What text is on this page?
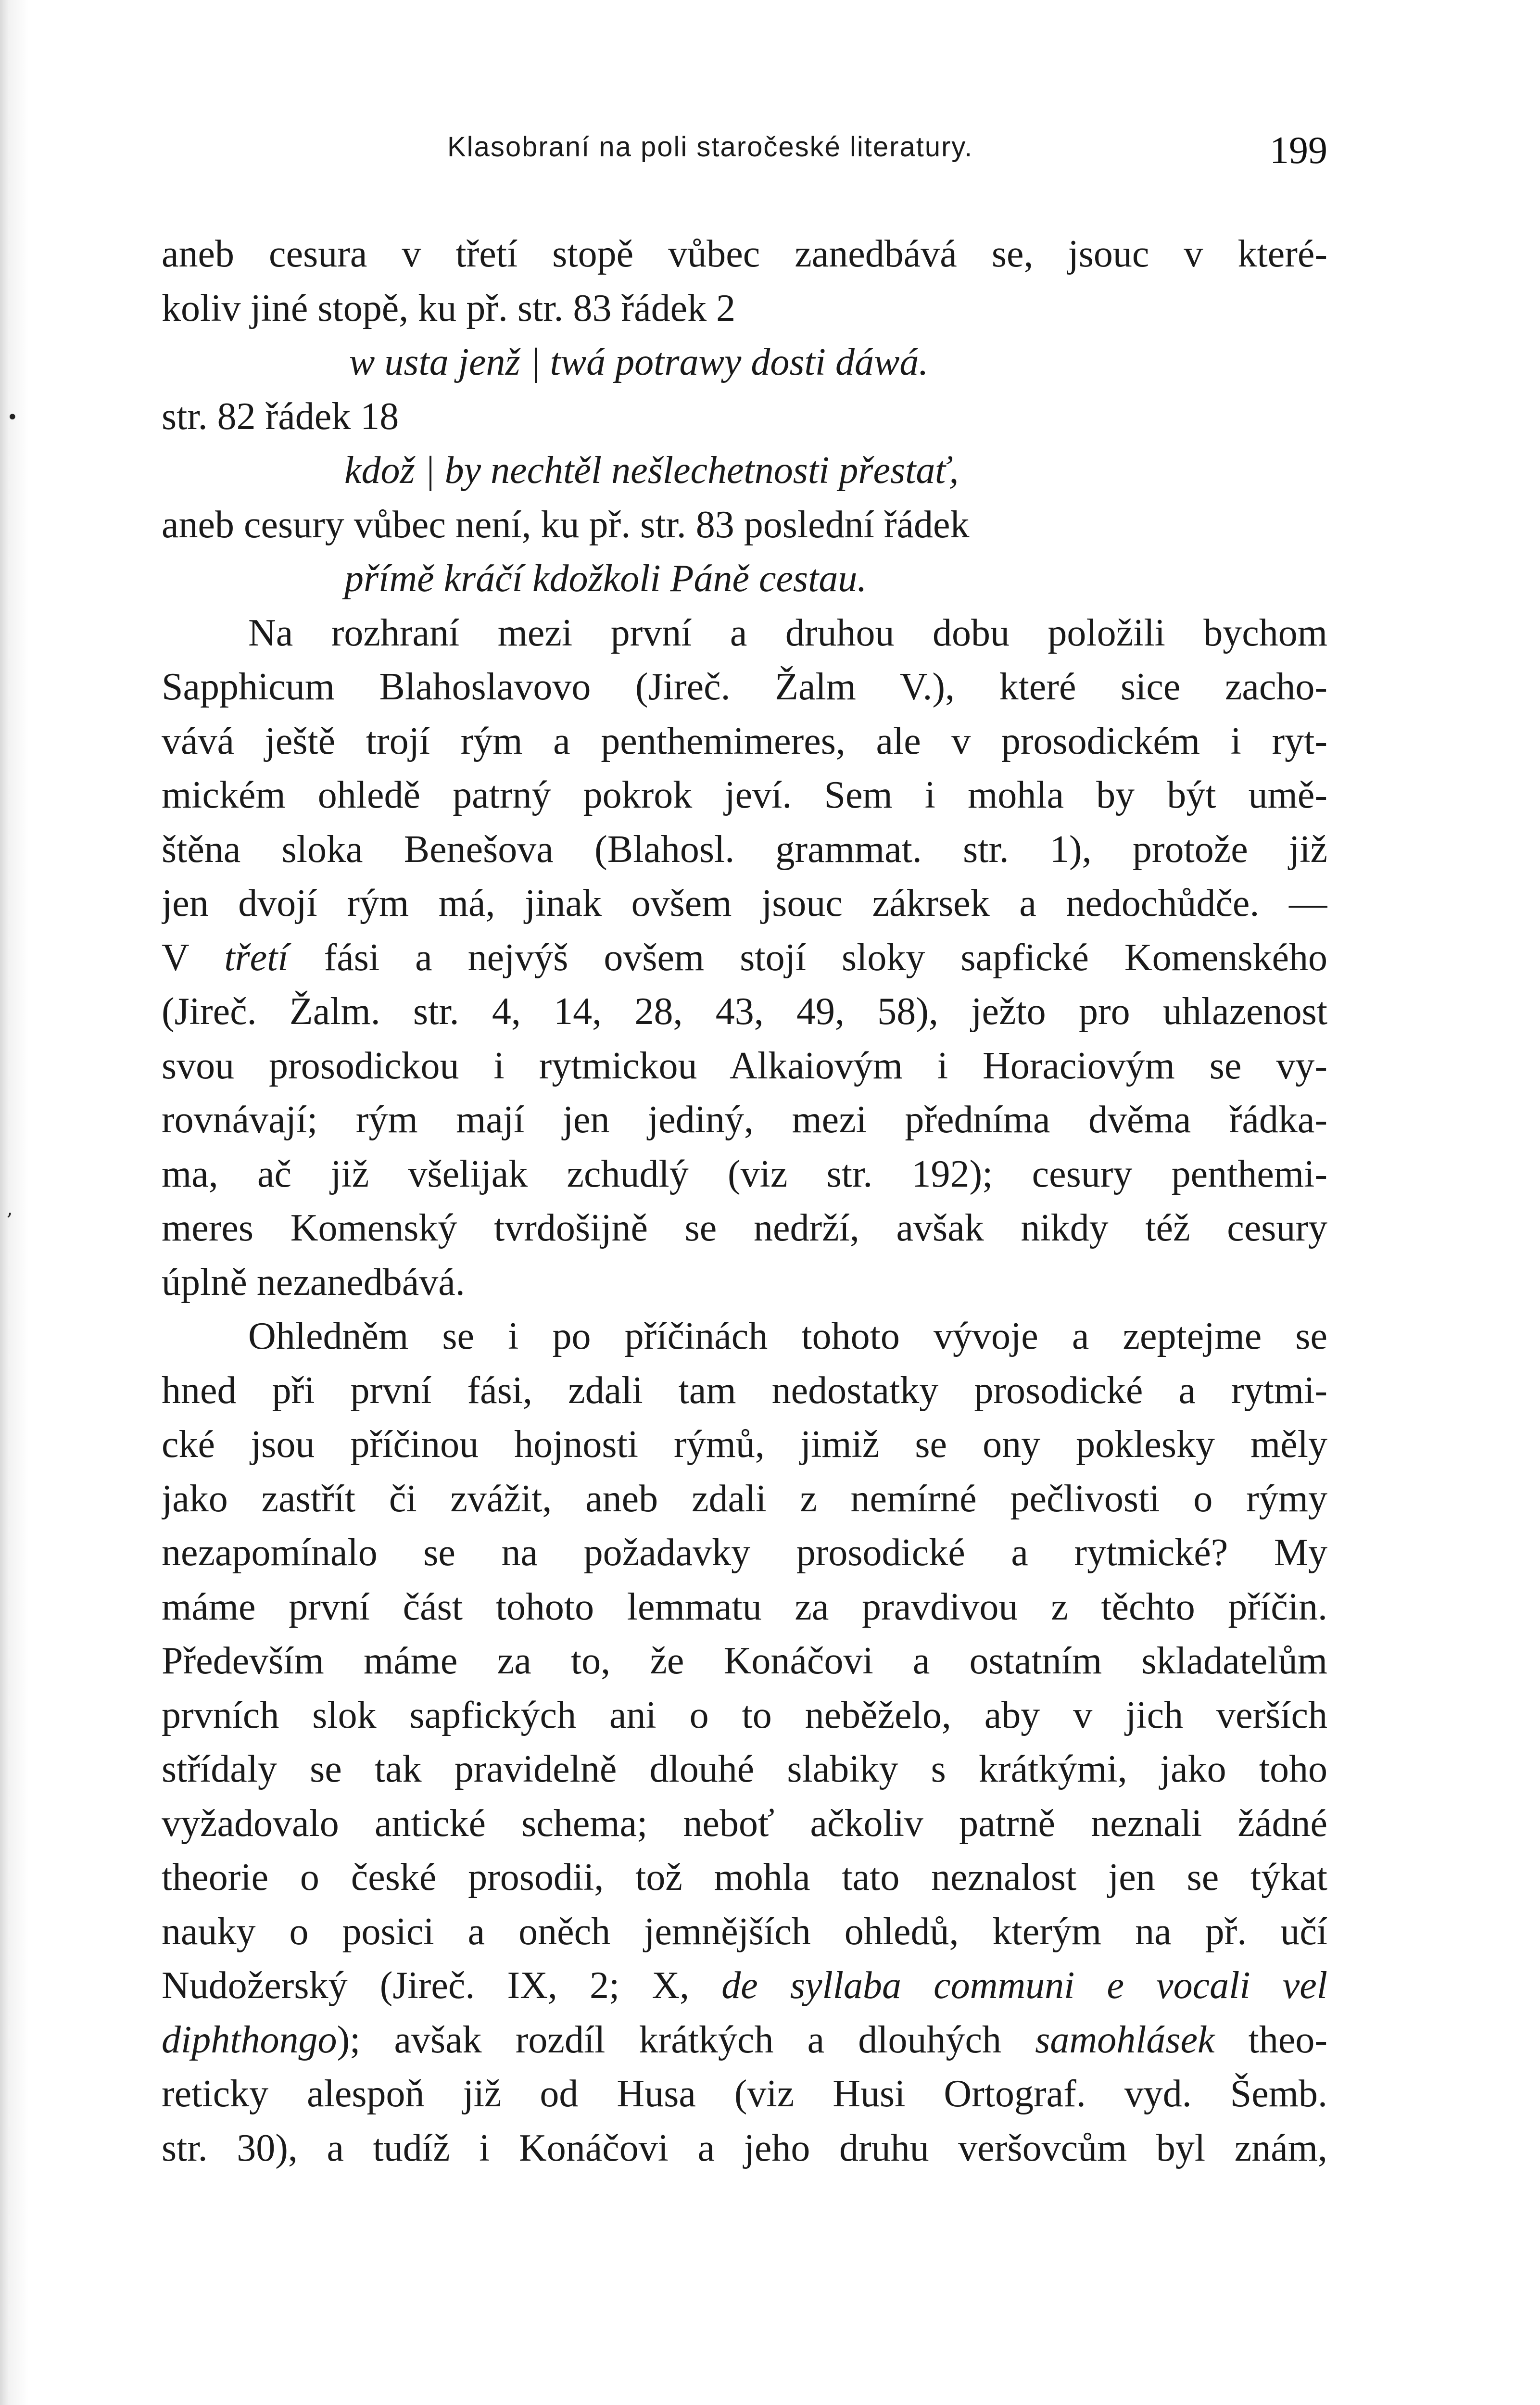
•
,
Klasobraní na poli staročeské literatury.	199
aneb cesura v třetí stopě vůbec zanedbává se, jsouc v které-
koliv jiné stopě, ku př. str. 83 řádek 2
w usta jenž | twá potrawy dosti dáwá.
str. 82 řádek 18
kdož | by nechtěl nešlechetnosti přestať,
aneb cesury vůbec není, ku př. str. 83 poslední řádek
přímě kráčí kdožkoli Páně cestau.
Na rozhraní mezi první a druhou dobu položili bychom
Sapphicum Blahoslavovo (Jireč. Žalm V.), které sice zacho-
vává ještě trojí rým a penthemimeres, ale v prosodickém i ryt-
mickém ohledě patrný pokrok jeví. Sem i mohla by být umě-
štěna sloka Benešova (Blahosl. grammat. str. 1), protože již
jen dvojí rým má, jinak ovšem jsouc zákrsek a nedochůdče. —
V třetí fási a nejvýš ovšem stojí sloky sapfické Komenského
(Jireč. Žalm. str. 4, 14, 28, 43, 49, 58), ježto pro uhlazenost
svou prosodickou i rytmickou Alkaiovým i Horaciovým se vy-
rovnávají; rým mají jen jediný, mezi předníma dvěma řádka-
ma, ač již všelijak zchudlý (viz str. 192); cesury penthemi-
meres Komenský tvrdošijně se nedrží, avšak nikdy též cesury
úplně nezanedbává.
Ohledněm se i po příčinách tohoto vývoje a zeptejme se
hned při první fási, zdali tam nedostatky prosodické a rytmi-
cké jsou příčinou hojnosti rýmů, jimiž se ony poklesky měly
jako zastřít či zvážit, aneb zdali z nemírné pečlivosti o rýmy
nezapomínalo se na požadavky prosodické a rytmické? My
máme první část tohoto lemmatu za pravdivou z těchto příčin.
Především máme za to, že Konáčovi a ostatním skladatelům
prvních slok sapfických ani o to neběželo, aby v jich verších
střídaly se tak pravidelně dlouhé slabiky s krátkými, jako toho
vyžadovalo antické schema; neboť ačkoliv patrně neznali žádné
theorie o české prosodii, tož mohla tato neznalost jen se týkat
nauky o posici a oněch jemnějších ohledů, kterým na př. učí
Nudožerský (Jireč. IX, 2; X, de syllaba communi e vocali vel
diphthongo); avšak rozdíl krátkých a dlouhých samohlásek theo-
reticky alespoň již od Husa (viz Husi Ortograf. vyd. Šemb.
str. 30), a tudíž i Konáčovi a jeho druhu veršovcům byl znám,
